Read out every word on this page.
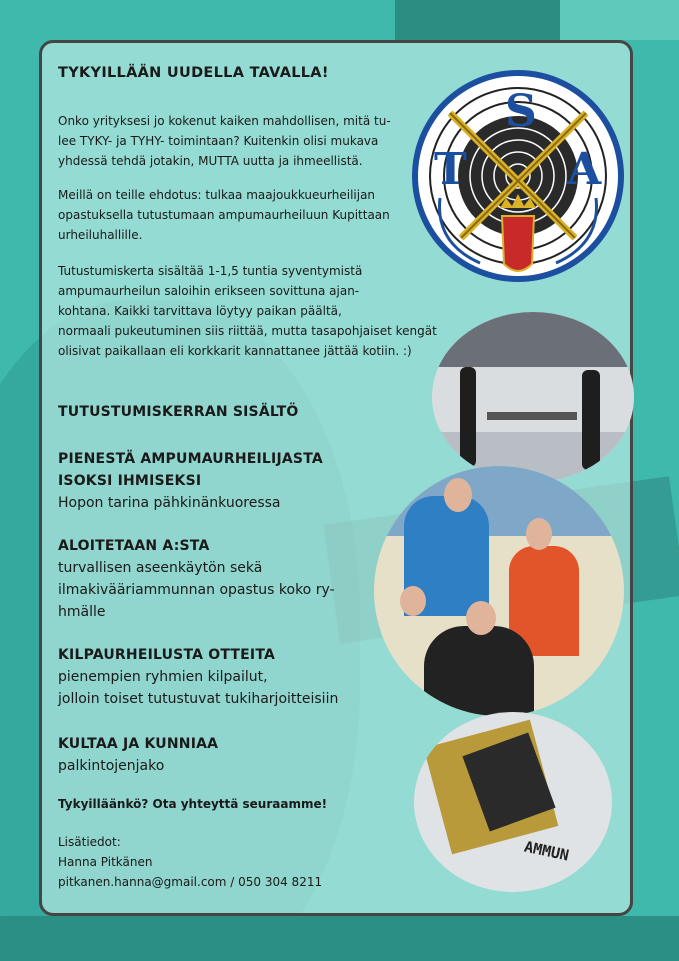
S
T A
AMMUN
TYKYILLÄÄN UUDELLA TAVALLA!
Onko yrityksesi jo kokenut kaiken mahdollisen, mitä tu-
lee TYKY- ja TYHY- toimintaan? Kuitenkin olisi mukava
yhdessä tehdä jotakin, MUTTA uutta ja ihmeellistä.
Meillä on teille ehdotus: tulkaa maajoukkueurheilijan
opastuksella tutustumaan ampumaurheiluun Kupittaan
urheiluhallille.
Tutustumiskerta sisältää 1-1,5 tuntia syventymistä
ampumaurheilun saloihin erikseen sovittuna ajan-
kohtana. Kaikki tarvittava löytyy paikan päältä,
normaali pukeutuminen siis riittää, mutta tasapohjaiset kengät
olisivat paikallaan eli korkkarit kannattanee jättää kotiin. :)
TUTUSTUMISKERRAN SISÄLTÖ
PIENESTÄ AMPUMAURHEILIJASTA
ISOKSI IHMISEKSI
Hopon tarina pähkinänkuoressa
ALOITETAAN A:STA
turvallisen aseenkäytön sekä
ilmakivääriammunnan opastus koko ry-
hmälle
KILPAURHEILUSTA OTTEITA
pienempien ryhmien kilpailut,
jolloin toiset tutustuvat tukiharjoitteisiin
KULTAA JA KUNNIAA
palkintojenjako
Tykyilläänkö? Ota yhteyttä seuraamme!
Lisätiedot:
Hanna Pitkänen
pitkanen.hanna@gmail.com / 050 304 8211
